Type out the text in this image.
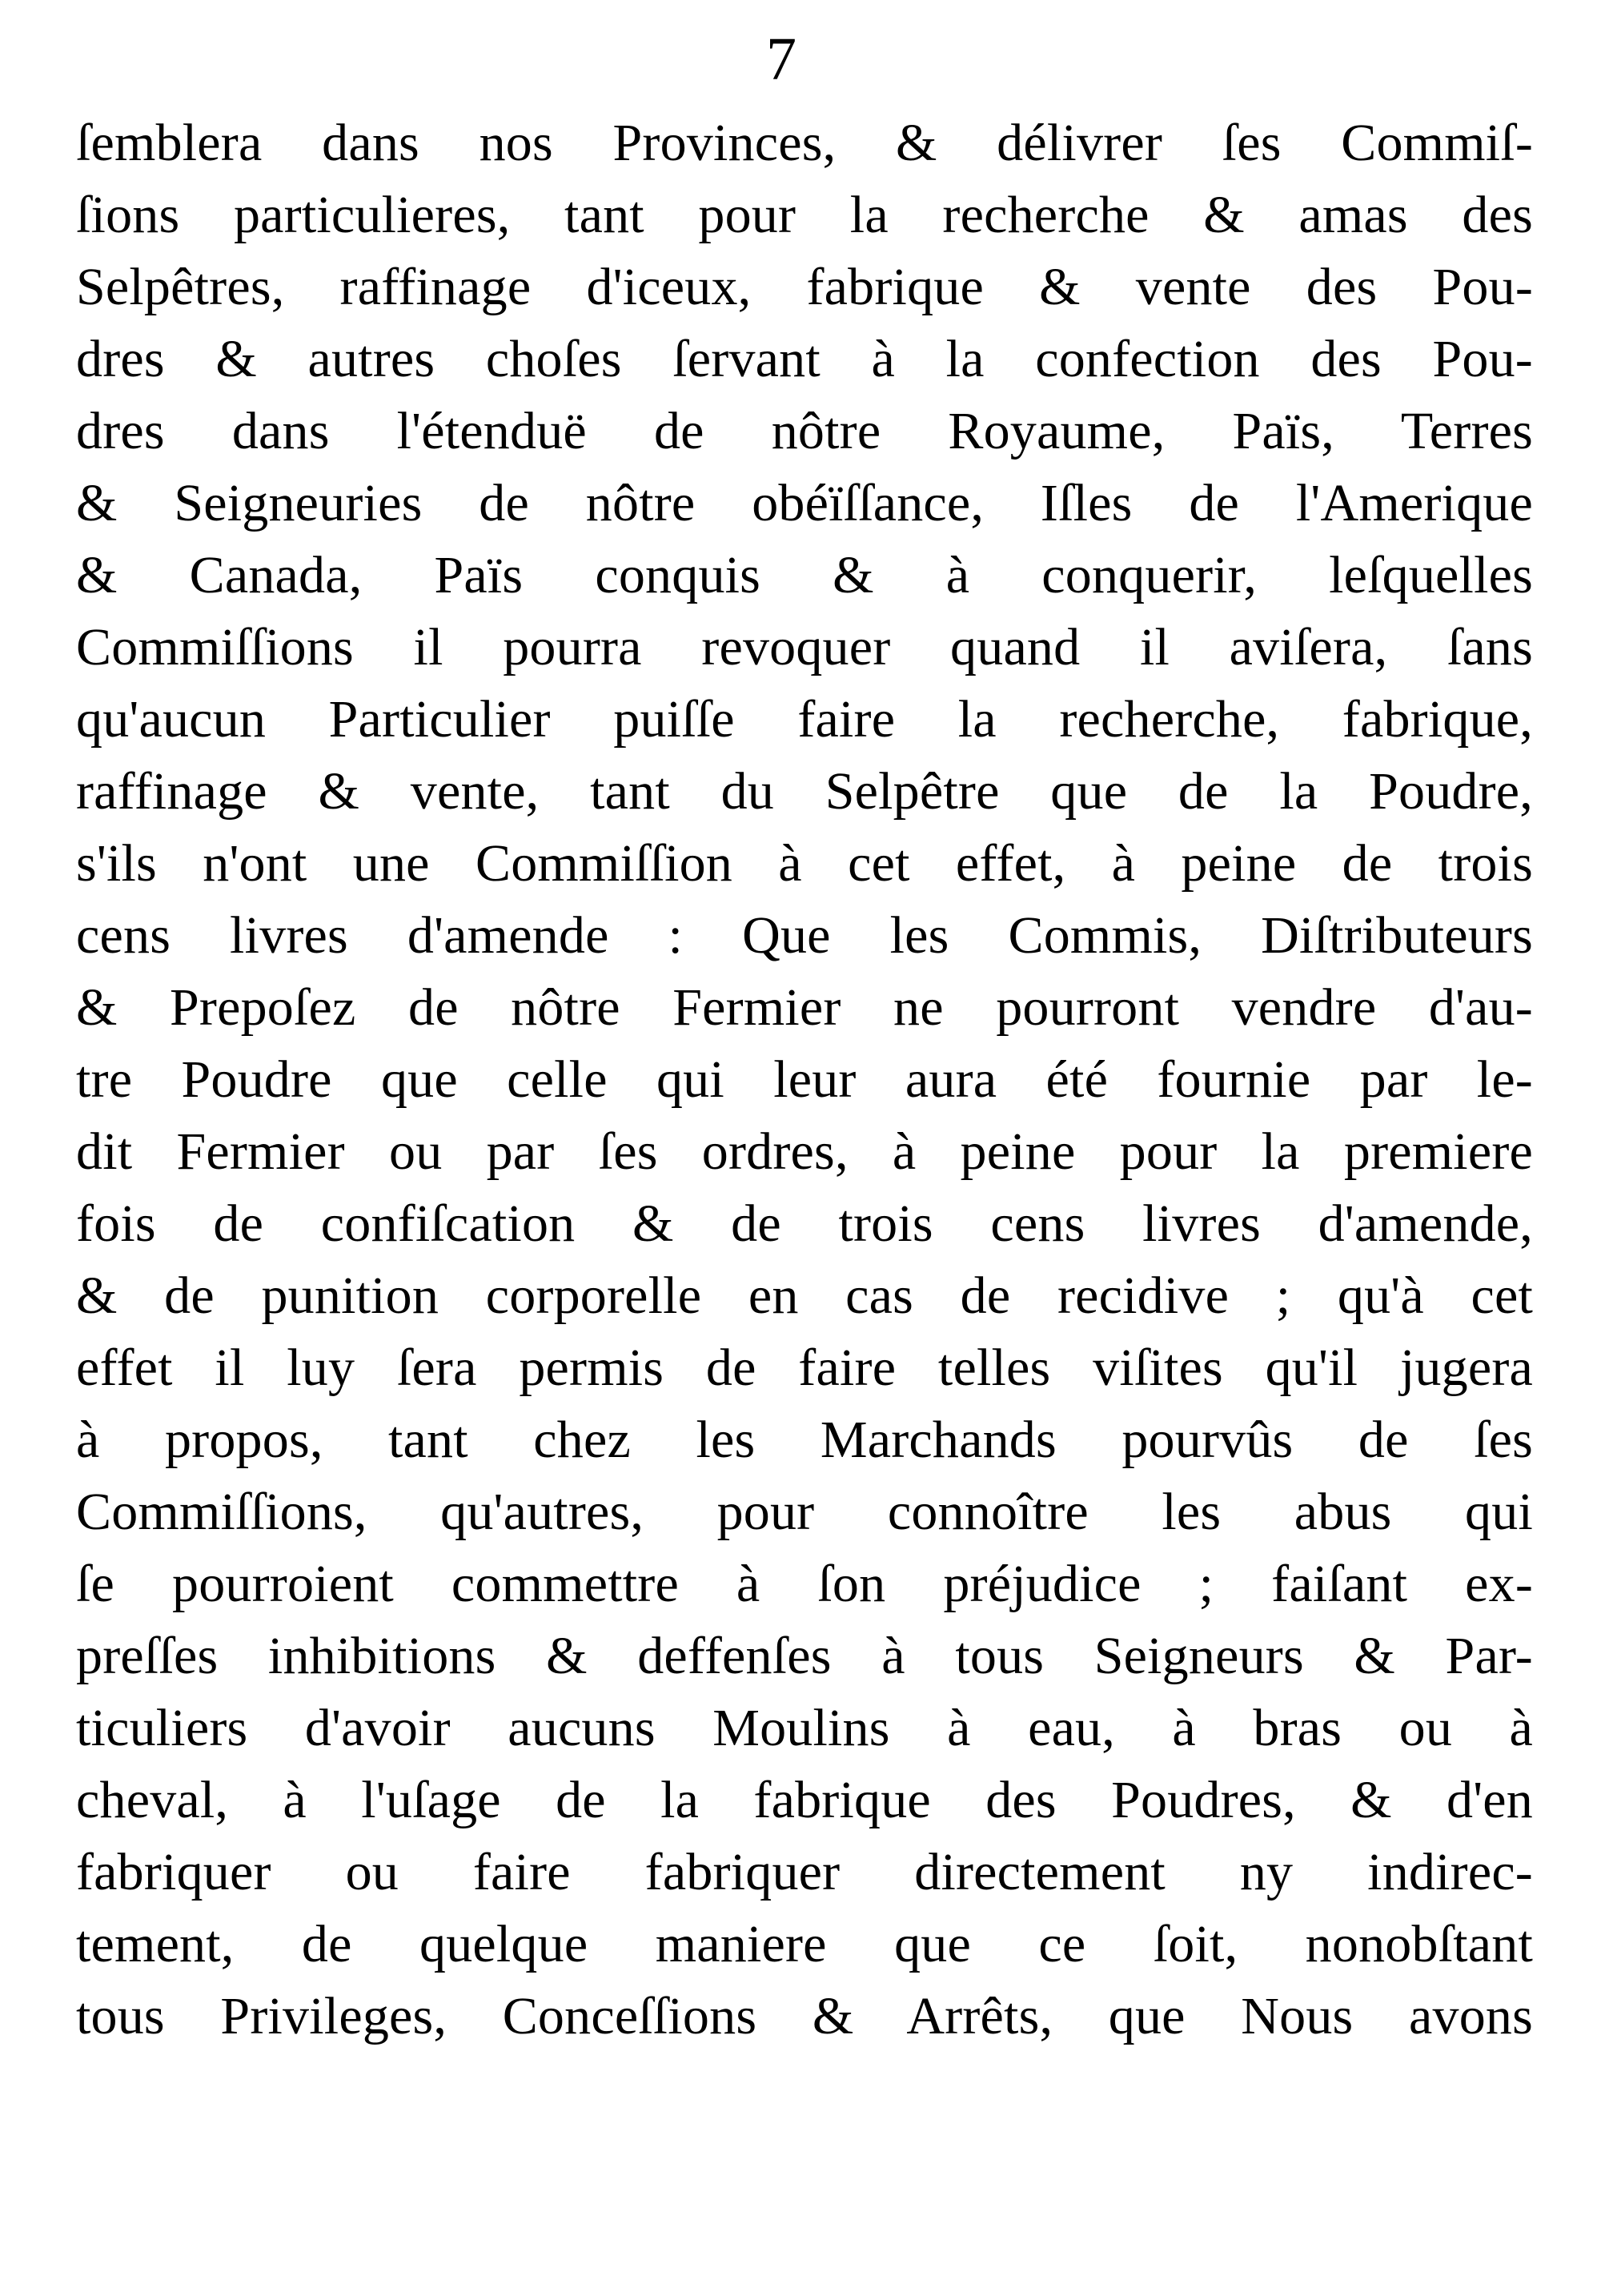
7
ſemblera dans nos Provinces, & délivrer ſes Commiſ-
ſions particulieres, tant pour la recherche & amas des
Selpêtres, raffinage d'iceux, fabrique & vente des Pou-
dres & autres choſes ſervant à la confection des Pou-
dres dans l'étenduë de nôtre Royaume, Païs, Terres
& Seigneuries de nôtre obéïſſance, Iſles de l'Amerique
& Canada, Païs conquis & à conquerir, leſquelles
Commiſſions il pourra revoquer quand il aviſera, ſans
qu'aucun Particulier puiſſe faire la recherche, fabrique,
raffinage & vente, tant du Selpêtre que de la Poudre,
s'ils n'ont une Commiſſion à cet effet, à peine de trois
cens livres d'amende : Que les Commis, Diſtributeurs
& Prepoſez de nôtre Fermier ne pourront vendre d'au-
tre Poudre que celle qui leur aura été fournie par le-
dit Fermier ou par ſes ordres, à peine pour la premiere
fois de confiſcation & de trois cens livres d'amende,
& de punition corporelle en cas de recidive ; qu'à cet
effet il luy ſera permis de faire telles viſites qu'il jugera
à propos, tant chez les Marchands pourvûs de ſes
Commiſſions, qu'autres, pour connoître les abus qui
ſe pourroient commettre à ſon préjudice ; faiſant ex-
preſſes inhibitions & deffenſes à tous Seigneurs & Par-
ticuliers d'avoir aucuns Moulins à eau, à bras ou à
cheval, à l'uſage de la fabrique des Poudres, & d'en
fabriquer ou faire fabriquer directement ny indirec-
tement, de quelque maniere que ce ſoit, nonobſtant
tous Privileges, Conceſſions & Arrêts, que Nous avons
